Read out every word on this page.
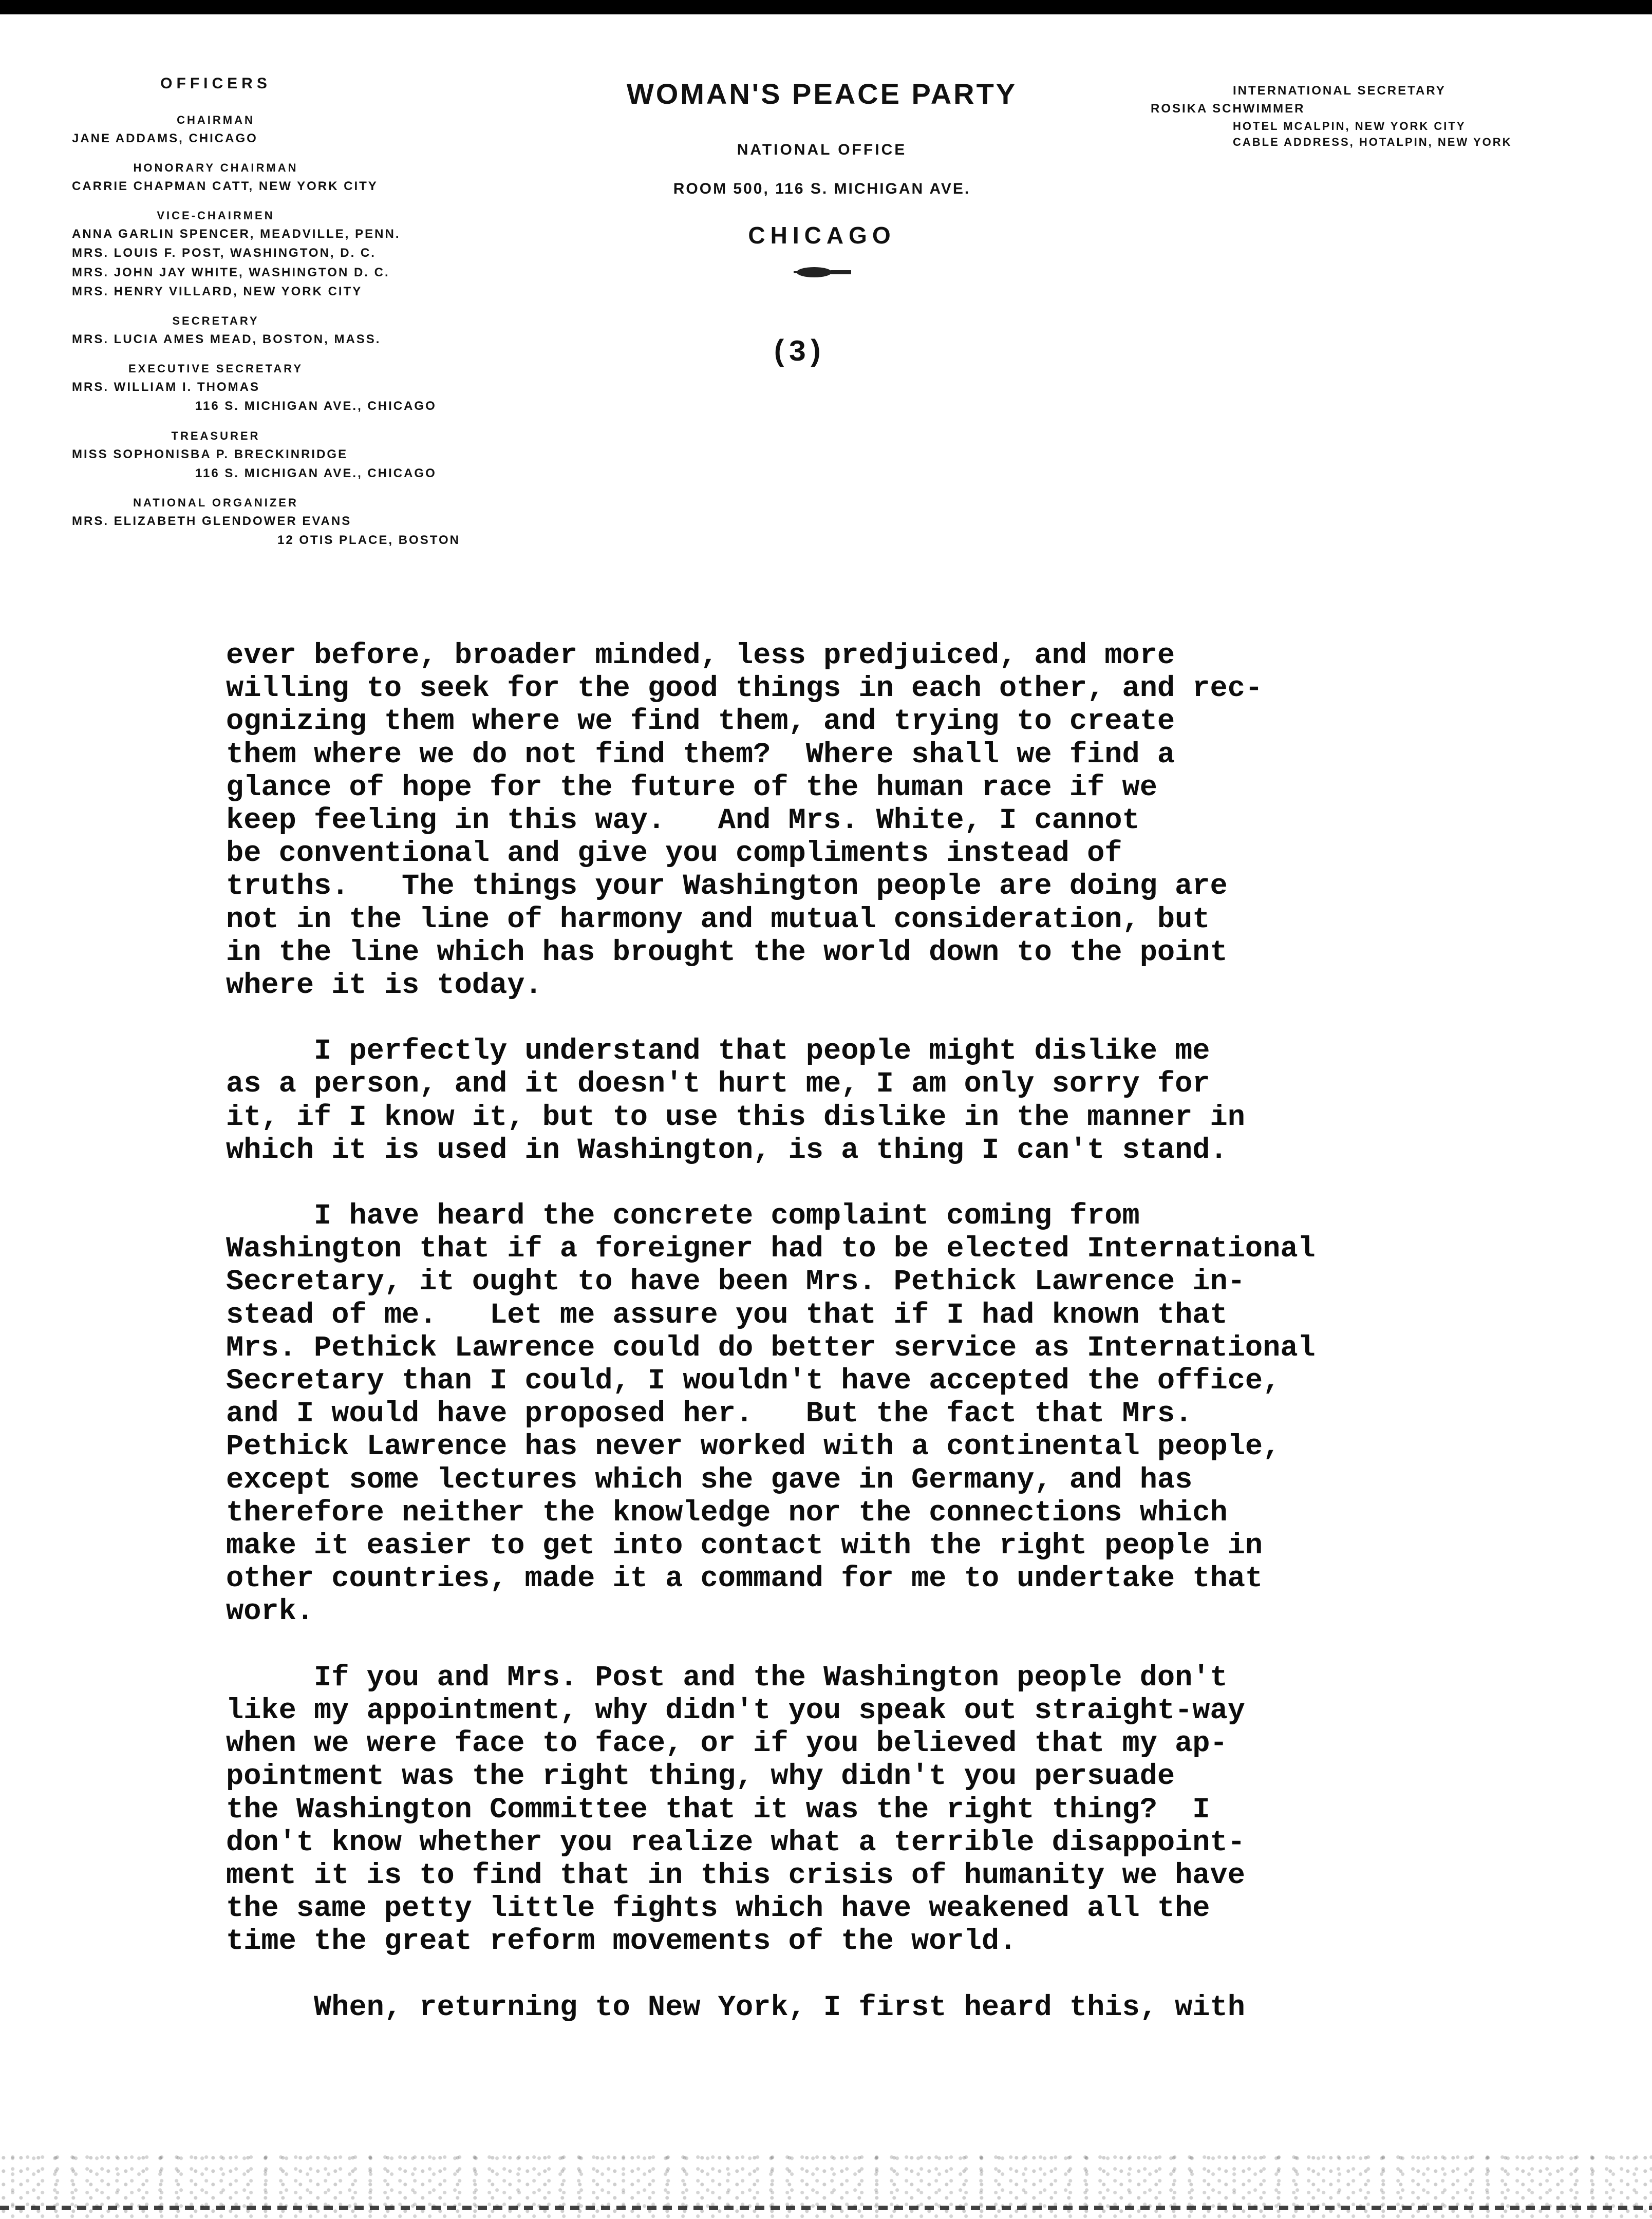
OFFICERS
CHAIRMAN
JANE ADDAMS, CHICAGO
HONORARY CHAIRMAN
CARRIE CHAPMAN CATT, NEW YORK CITY
VICE-CHAIRMEN
ANNA GARLIN SPENCER, MEADVILLE, PENN.
MRS. LOUIS F. POST, WASHINGTON, D. C.
MRS. JOHN JAY WHITE, WASHINGTON D. C.
MRS. HENRY VILLARD, NEW YORK CITY
SECRETARY
MRS. LUCIA AMES MEAD, BOSTON, MASS.
EXECUTIVE SECRETARY
MRS. WILLIAM I. THOMAS
116 S. MICHIGAN AVE., CHICAGO
TREASURER
MISS SOPHONISBA P. BRECKINRIDGE
116 S. MICHIGAN AVE., CHICAGO
NATIONAL ORGANIZER
MRS. ELIZABETH GLENDOWER EVANS
12 OTIS PLACE, BOSTON
WOMAN'S PEACE PARTY
NATIONAL OFFICE
ROOM 500, 116 S. MICHIGAN AVE.
CHICAGO
(3)
INTERNATIONAL SECRETARY
ROSIKA SCHWIMMER
HOTEL MCALPIN, NEW YORK CITY
CABLE ADDRESS, HOTALPIN, NEW YORK

ever before, broader minded, less predjuiced, and more

willing to seek for the good things in each other, and rec-

ognizing them where we find them, and trying to create

them where we do not find them?  Where shall we find a

glance of hope for the future of the human race if we

keep feeling in this way.   And Mrs. White, I cannot

be conventional and give you compliments instead of

truths.   The things your Washington people are doing are

not in the line of harmony and mutual consideration, but

in the line which has brought the world down to the point

where it is today.

I perfectly understand that people might dislike me

as a person, and it doesn't hurt me, I am only sorry for

it, if I know it, but to use this dislike in the manner in

which it is used in Washington, is a thing I can't stand.

I have heard the concrete complaint coming from

Washington that if a foreigner had to be elected International

Secretary, it ought to have been Mrs. Pethick Lawrence in-

stead of me.   Let me assure you that if I had known that

Mrs. Pethick Lawrence could do better service as International

Secretary than I could, I wouldn't have accepted the office,

and I would have proposed her.   But the fact that Mrs.

Pethick Lawrence has never worked with a continental people,

except some lectures which she gave in Germany, and has

therefore neither the knowledge nor the connections which

make it easier to get into contact with the right people in

other countries, made it a command for me to undertake that

work.

If you and Mrs. Post and the Washington people don't

like my appointment, why didn't you speak out straight-way

when we were face to face, or if you believed that my ap-

pointment was the right thing, why didn't you persuade

the Washington Committee that it was the right thing?  I

don't know whether you realize what a terrible disappoint-

ment it is to find that in this crisis of humanity we have

the same petty little fights which have weakened all the

time the great reform movements of the world.

When, returning to New York, I first heard this, with
